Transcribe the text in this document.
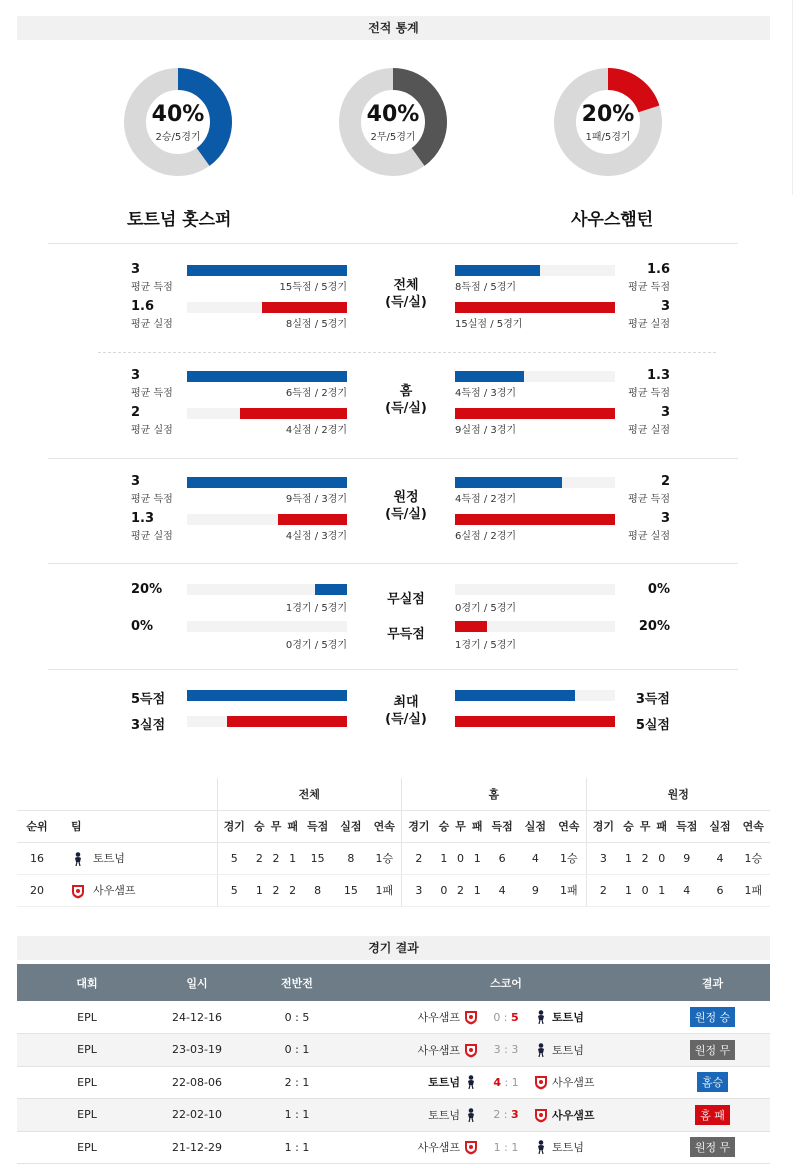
전적 통계
40%
2승/5경기
40%
2무/5경기
20%
1패/5경기
토트넘 홋스퍼	사우스햄턴
전체
(득/실)
3
평균 득점	15득점 / 5경기
1.6
평균 실점	8실점 / 5경기
1.6
평균 득점
8득점 / 5경기
3
평균 실점
15실점 / 5경기
홈
(득/실)
3
평균 득점	6득점 / 2경기
2
평균 실점	4실점 / 2경기
1.3
평균 득점
4득점 / 3경기
3
평균 실점
9실점 / 3경기
원정
(득/실)
3
평균 득점	9득점 / 3경기
1.3
평균 실점	4실점 / 3경기
2
평균 득점
4득점 / 2경기
3
평균 실점
6실점 / 2경기
20%
1경기 / 5경기
0%
0경기 / 5경기
0%
0경기 / 5경기
20%
1경기 / 5경기
무실점
무득점
5득점
3실점
3득점
5실점
최대
(득/실)
		전체							홈							원정						
순위	팀	경기	승	무	패	득점	실점	연속	경기	승	무	패	득점	실점	연속	경기	승	무	패	득점	실점	연속
16	토트넘	5	2	2	1	15	8	1승	2	1	0	1	6	4	1승	3	1	2	0	9	4	1승
20	사우샘프	5	1	2	2	8	15	1패	3	0	2	1	4	9	1패	2	1	0	1	4	6	1패
경기 결과
대회	일시	전반전	스코어	결과
EPL	24-12-16	0 : 5	사우샘프 0 : 5 토트넘	원정 승
EPL	23-03-19	0 : 1	사우샘프 3 : 3 토트넘	원정 무
EPL	22-08-06	2 : 1	토트넘 4 : 1 사우샘프	홈승
EPL	22-02-10	1 : 1	토트넘 2 : 3 사우샘프	홈 패
EPL	21-12-29	1 : 1	사우샘프 1 : 1 토트넘	원정 무
